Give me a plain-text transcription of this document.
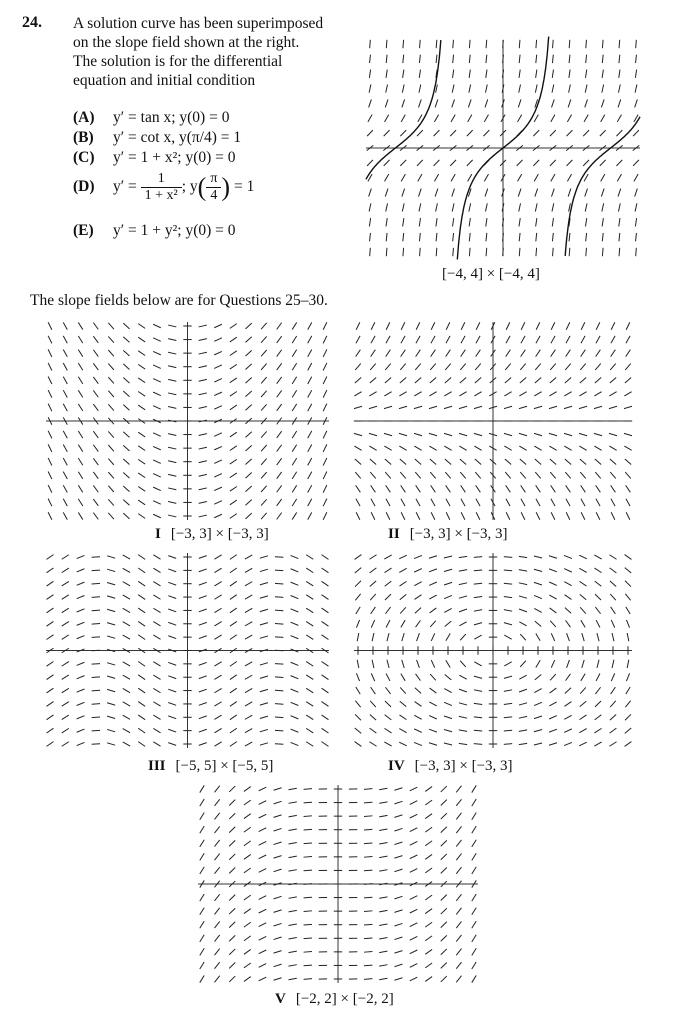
24. A solution curve has been superimposed
on the slope field shown at the right.
The solution is for the differential
equation and initial condition
(A) y′ = tan x; y(0) = 0
(B) y′ = cot x, y(π/4) = 1
(C) y′ = 1 + x²; y(0) = 0
(D) $y' = \frac{1}{\text{1 + x²}}$ ; $y( \frac{\pi}{4}$ ) = 1
(E) y′ = 1 + y²; y(0) = 0
[−4, 4] × [−4, 4]
The slope fields below are for Questions 25–30.
I [−3, 3] × [−3, 3]	II [−3, 3] × [−3, 3]
III [−5, 5] × [−5, 5]	IV [−3, 3] × [−3, 3]
V [−2, 2] × [−2, 2]
